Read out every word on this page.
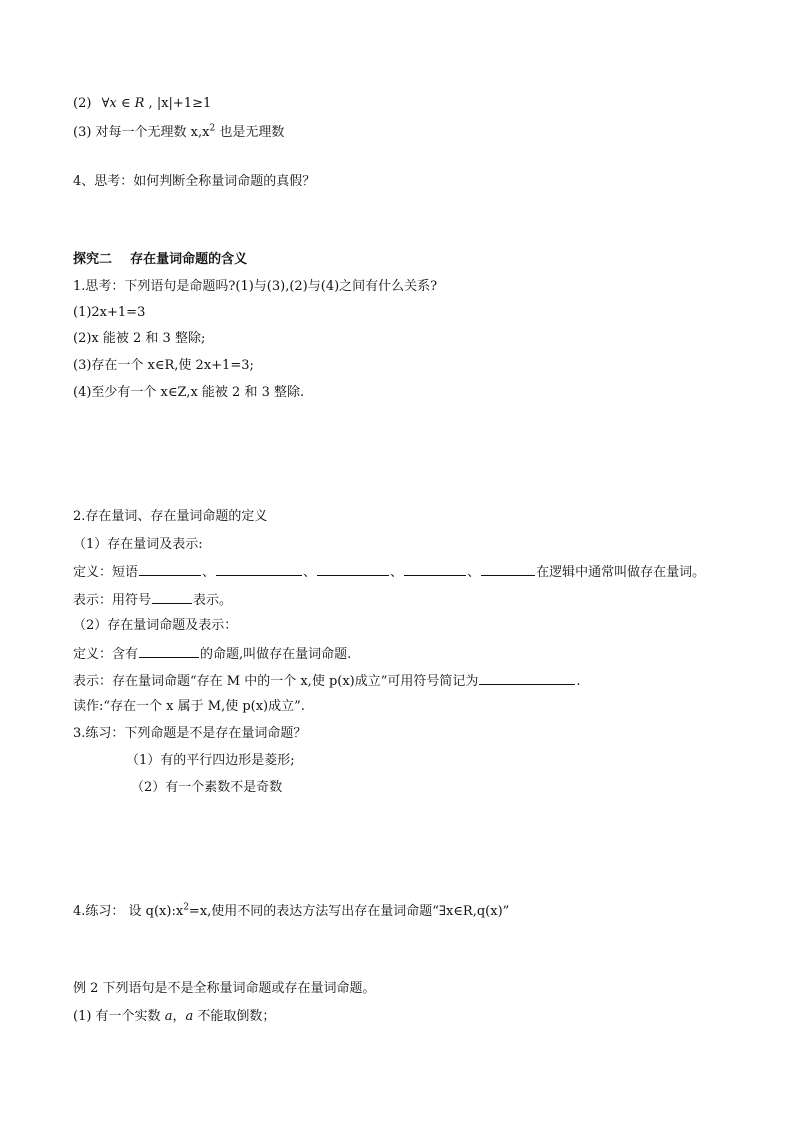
(2) ∀x ∈ R , |x|+1≥1

(3) 对每一个无理数 $x,x^2$ 也是无理数

4、思考：如何判断全称量词命题的真假？

探究二    存在量词命题的含义

1.思考：下列语句是命题吗?(1)与(3),(2)与(4)之间有什么关系?

(1)2x+1=3

(2)x 能被 2 和 3 整除;

(3)存在一个 x∈R,使 2x+1=3;

(4)至少有一个 x∈Z,x 能被 2 和 3 整除.

2.存在量词、存在量词命题的定义

（1）存在量词及表示:

定义：短语	、	、	、	、	在逻辑中通常叫做存在量词。

表示：用符号	表示。

（2）存在量词命题及表示：

定义：含有	的命题,叫做存在量词命题.

表示：存在量词命题“存在 M 中的一个 x,使 p(x)成立”可用符号简记为	.

读作:“存在一个 x 属于 M,使 p(x)成立”.

3.练习：下列命题是不是存在量词命题？

（1）有的平行四边形是菱形;

（2）有一个素数不是奇数

4.练习： 设 $q(x):x^2=x$,使用不同的表达方法写出存在量词命题“∃x∈R,q(x)”

例 2 下列语句是不是全称量词命题或存在量词命题。

(1) 有一个实数 a，a 不能取倒数；
